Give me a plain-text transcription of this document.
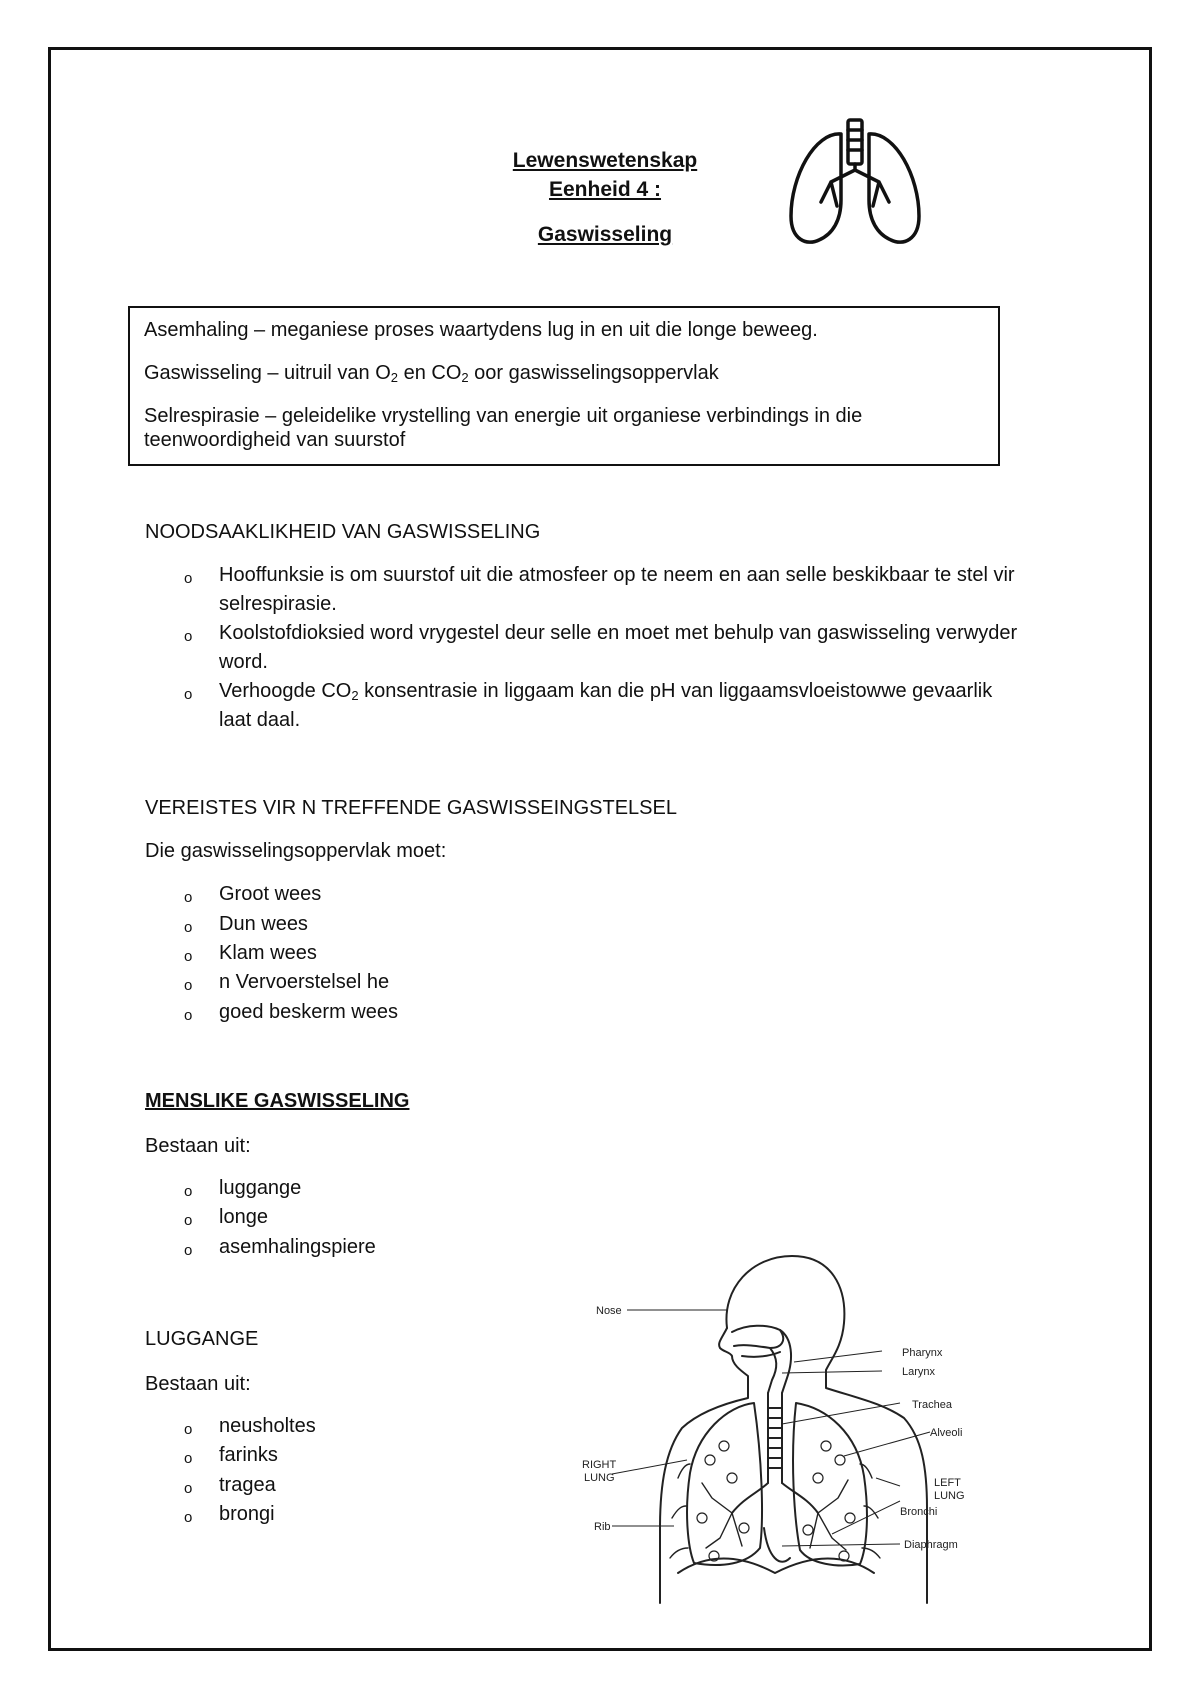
Lewenswetenskap
Eenheid 4 :
Gaswisseling

Asemhaling – meganiese proses waartydens lug in en uit die longe beweeg.

Gaswisseling – uitruil van $O_2$ en $CO_2$ oor gaswisselingsoppervlak

Selrespirasie – geleidelike vrystelling van energie uit organiese verbindings in die teenwoordigheid van suurstof

NOODSAAKLIKHEID VAN GASWISSELING
o Hooffunksie is om suurstof uit die atmosfeer op te neem en aan selle beskikbaar te stel vir selrespirasie.
o Koolstofdioksied word vrygestel deur selle en moet met behulp van gaswisseling verwyder word.
o Verhoogde $CO_2$ konsentrasie in liggaam kan die pH van liggaamsvloeistowwe gevaarlik laat daal.
VEREISTES VIR N TREFFENDE GASWISSEINGSTELSEL
Die gaswisselingsoppervlak moet:
o Groot wees
o Dun wees
o Klam wees
o n Vervoerstelsel he
o goed beskerm wees
MENSLIKE GASWISSELING
Bestaan uit:
o luggange
o longe
o asemhalingspiere
LUGGANGE
Bestaan uit:
o neusholtes
o farinks
o tragea
o brongi
Nose
Pharynx
Larynx
Trachea
Alveoli
RIGHT
LUNG	LEFT
LUNG
Bronchi
Rib
Diaphragm
